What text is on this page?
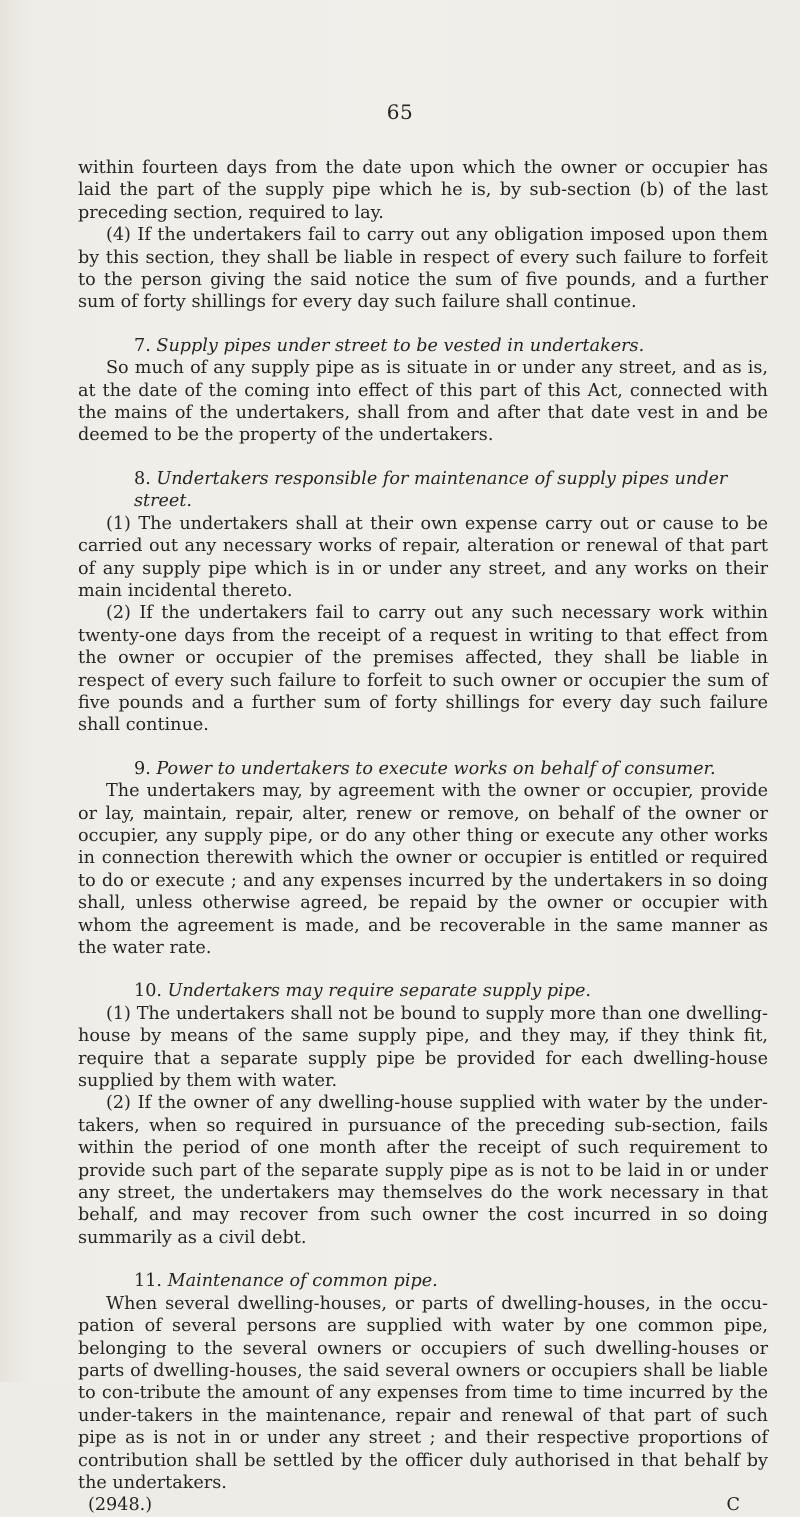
65

within fourteen days from the date upon which the owner or occupier has laid the part of the supply pipe which he is, by sub-section (b) of the last preceding section, required to lay.

(4) If the undertakers fail to carry out any obligation imposed upon them by this section, they shall be liable in respect of every such failure to forfeit to the person giving the said notice the sum of five pounds, and a further sum of forty shillings for every day such failure shall continue.

7. Supply pipes under street to be vested in undertakers.

So much of any supply pipe as is situate in or under any street, and as is, at the date of the coming into effect of this part of this Act, connected with the mains of the undertakers, shall from and after that date vest in and be deemed to be the property of the undertakers.

8. Undertakers responsible for maintenance of supply pipes under street.

(1) The undertakers shall at their own expense carry out or cause to be carried out any necessary works of repair, alteration or renewal of that part of any supply pipe which is in or under any street, and any works on their main incidental thereto.

(2) If the undertakers fail to carry out any such necessary work within twenty-one days from the receipt of a request in writing to that effect from the owner or occupier of the premises affected, they shall be liable in respect of every such failure to forfeit to such owner or occupier the sum of five pounds and a further sum of forty shillings for every day such failure shall continue.

9. Power to undertakers to execute works on behalf of consumer.

The undertakers may, by agreement with the owner or occupier, provide or lay, maintain, repair, alter, renew or remove, on behalf of the owner or occupier, any supply pipe, or do any other thing or execute any other works in connection therewith which the owner or occupier is entitled or required to do or execute ; and any expenses incurred by the undertakers in so doing shall, unless otherwise agreed, be repaid by the owner or occupier with whom the agreement is made, and be recoverable in the same manner as the water rate.

10. Undertakers may require separate supply pipe.

(1) The undertakers shall not be bound to supply more than one dwelling-house by means of the same supply pipe, and they may, if they think fit, require that a separate supply pipe be provided for each dwelling-house supplied by them with water.

(2) If the owner of any dwelling-house supplied with water by the under-takers, when so required in pursuance of the preceding sub-section, fails within the period of one month after the receipt of such requirement to provide such part of the separate supply pipe as is not to be laid in or under any street, the undertakers may themselves do the work necessary in that behalf, and may recover from such owner the cost incurred in so doing summarily as a civil debt.

11. Maintenance of common pipe.

When several dwelling-houses, or parts of dwelling-houses, in the occu-pation of several persons are supplied with water by one common pipe, belonging to the several owners or occupiers of such dwelling-houses or parts of dwelling-houses, the said several owners or occupiers shall be liable to con-tribute the amount of any expenses from time to time incurred by the under-takers in the maintenance, repair and renewal of that part of such pipe as is not in or under any street ; and their respective proportions of contribution shall be settled by the officer duly authorised in that behalf by the undertakers.

(2948.)	C
